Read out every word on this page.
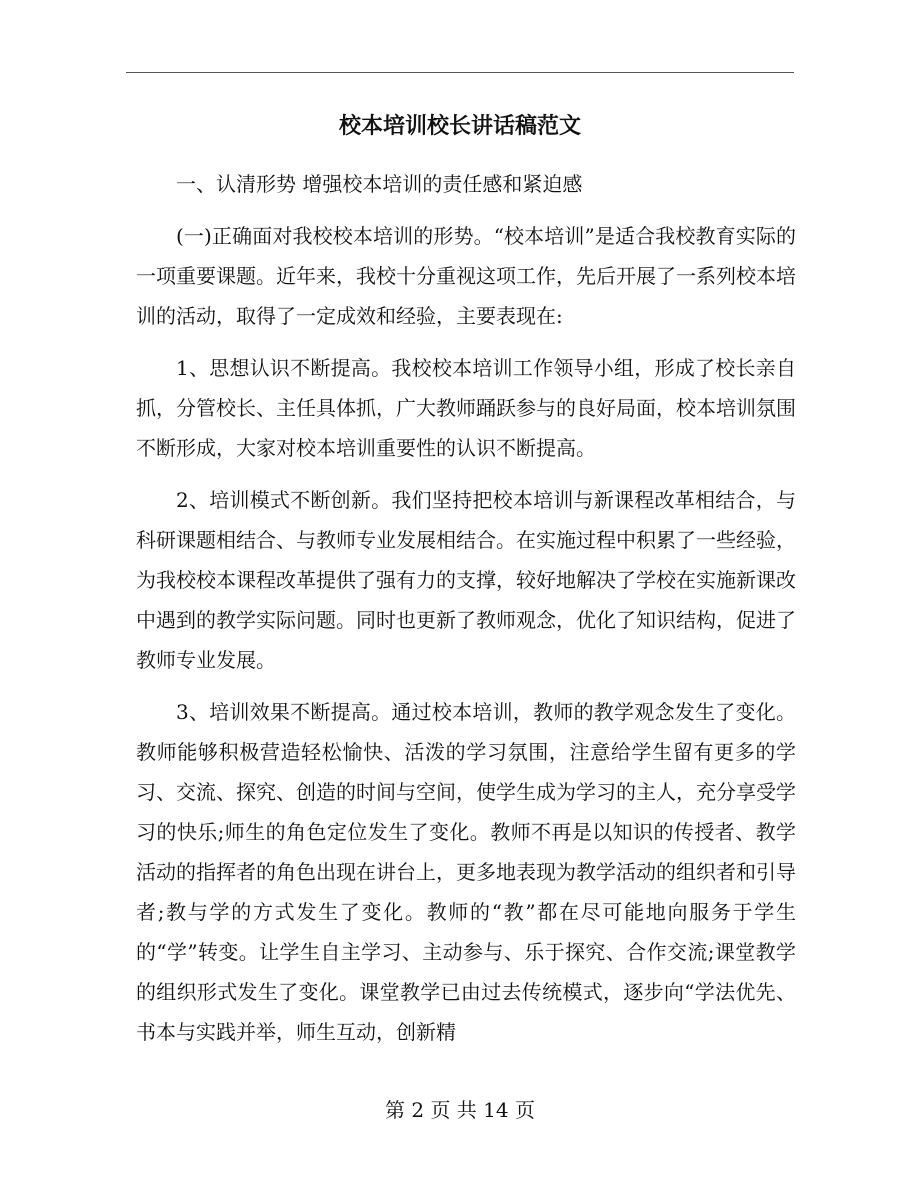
校本培训校长讲话稿范文

一、认清形势 增强校本培训的责任感和紧迫感

(一)正确面对我校校本培训的形势。“校本培训”是适合我校教育实际的一项重要课题。近年来，我校十分重视这项工作，先后开展了一系列校本培训的活动，取得了一定成效和经验，主要表现在:

1、思想认识不断提高。我校校本培训工作领导小组，形成了校长亲自抓，分管校长、主任具体抓，广大教师踊跃参与的良好局面，校本培训氛围不断形成，大家对校本培训重要性的认识不断提高。

2、培训模式不断创新。我们坚持把校本培训与新课程改革相结合，与科研课题相结合、与教师专业发展相结合。在实施过程中积累了一些经验，为我校校本课程改革提供了强有力的支撑，较好地解决了学校在实施新课改中遇到的教学实际问题。同时也更新了教师观念，优化了知识结构，促进了教师专业发展。

3、培训效果不断提高。通过校本培训，教师的教学观念发生了变化。教师能够积极营造轻松愉快、活泼的学习氛围，注意给学生留有更多的学习、交流、探究、创造的时间与空间，使学生成为学习的主人，充分享受学习的快乐;师生的角色定位发生了变化。教师不再是以知识的传授者、教学活动的指挥者的角色出现在讲台上，更多地表现为教学活动的组织者和引导者;教与学的方式发生了变化。教师的“教”都在尽可能地向服务于学生的“学”转变。让学生自主学习、主动参与、乐于探究、合作交流;课堂教学的组织形式发生了变化。课堂教学已由过去传统模式，逐步向“学法优先、书本与实践并举，师生互动，创新精

第 2 页 共 14 页
